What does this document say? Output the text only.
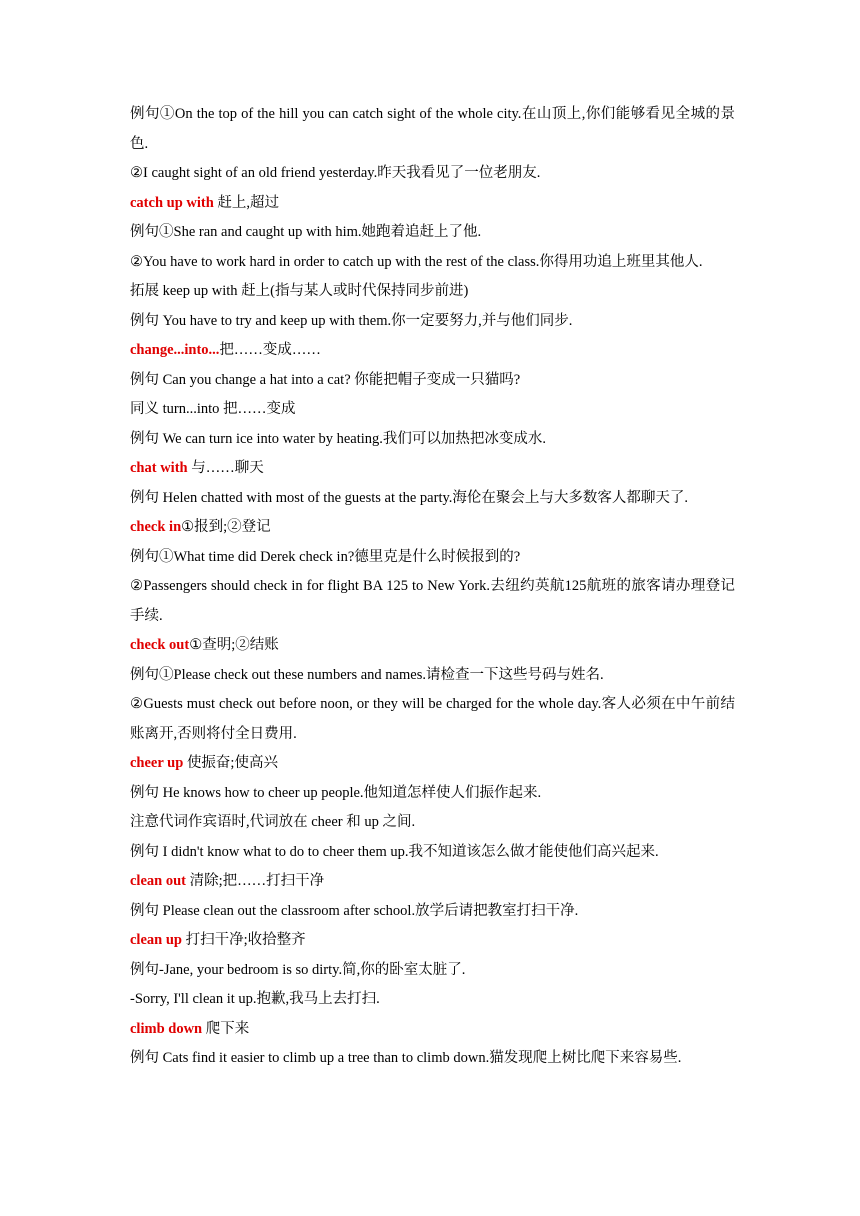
例句①On the top of the hill you can catch sight of the whole city.在山顶上,你们能够看见全城的景色.
②I caught sight of an old friend yesterday.昨天我看见了一位老朋友.
catch up with 赶上,超过
例句①She ran and caught up with him.她跑着追赶上了他.
②You have to work hard in order to catch up with the rest of the class.你得用功追上班里其他人.
拓展 keep up with 赶上(指与某人或时代保持同步前进)
例句 You have to try and keep up with them.你一定要努力,并与他们同步.
change...into...把……变成……
例句 Can you change a hat into a cat? 你能把帽子变成一只猫吗?
同义 turn...into 把……变成
例句 We can turn ice into water by heating.我们可以加热把冰变成水.
chat with 与……聊天
例句 Helen chatted with most of the guests at the party.海伦在聚会上与大多数客人都聊天了.
check in①报到;②登记
例句①What time did Derek check in?德里克是什么时候报到的?
②Passengers should check in for flight BA 125 to New York.去纽约英航125航班的旅客请办理登记手续.
check out①查明;②结账
例句①Please check out these numbers and names.请检查一下这些号码与姓名.
②Guests must check out before noon, or they will be charged for the whole day.客人必须在中午前结账离开,否则将付全日费用.
cheer up 使振奋;使高兴
例句 He knows how to cheer up people.他知道怎样使人们振作起来.
注意代词作宾语时,代词放在 cheer 和 up 之间.
例句 I didn't know what to do to cheer them up.我不知道该怎么做才能使他们高兴起来.
clean out 清除;把……打扫干净
例句 Please clean out the classroom after school.放学后请把教室打扫干净.
clean up 打扫干净;收拾整齐
例句-Jane, your bedroom is so dirty.简,你的卧室太脏了.
-Sorry, I'll clean it up.抱歉,我马上去打扫.
climb down 爬下来
例句 Cats find it easier to climb up a tree than to climb down.猫发现爬上树比爬下来容易些.
